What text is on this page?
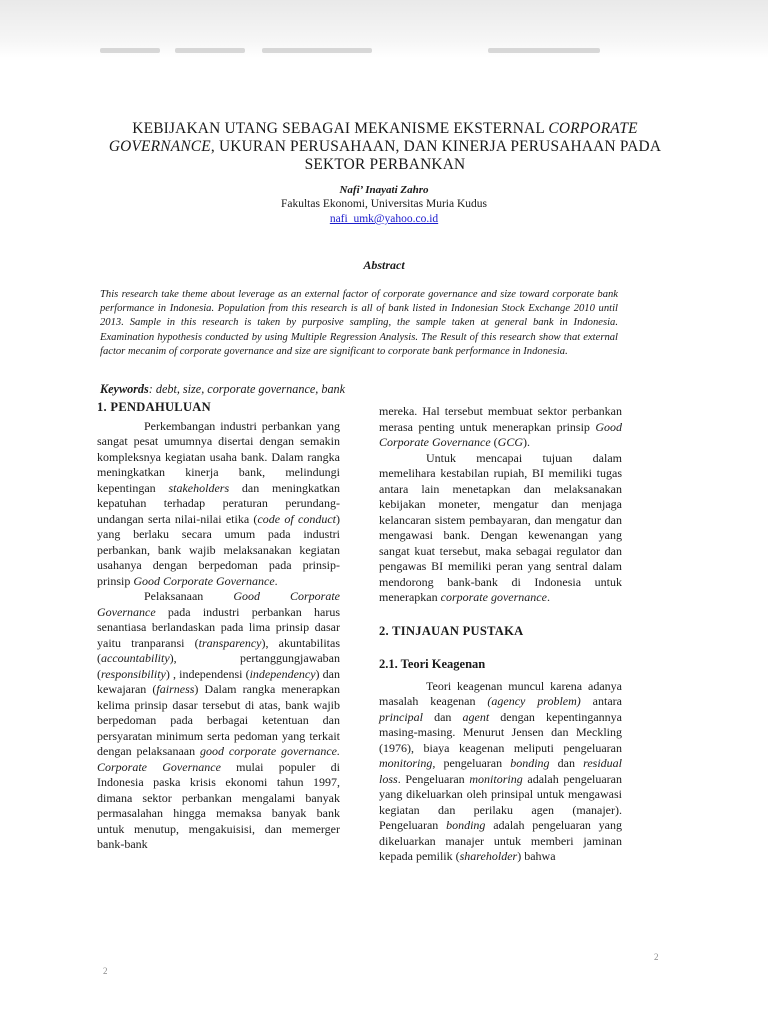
KEBIJAKAN UTANG SEBAGAI MEKANISME EKSTERNAL CORPORATE GOVERNANCE, UKURAN PERUSAHAAN, DAN KINERJA PERUSAHAAN PADA SEKTOR PERBANKAN
Nafi’ Inayati Zahro
Fakultas Ekonomi, Universitas Muria Kudus
nafi_umk@yahoo.co.id
Abstract
This research take theme about leverage as an external factor of corporate governance and size toward corporate bank performance in Indonesia. Population from this research is all of bank listed in Indonesian Stock Exchange 2010 until 2013. Sample in this research is taken by purposive sampling, the sample taken at general bank in Indonesia. Examination hypothesis conducted by using Multiple Regression Analysis. The Result of this research show that external factor mecanim of corporate governance and size are significant to corporate bank performance in Indonesia.
Keywords: debt, size, corporate governance, bank
1. PENDAHULUAN

Perkembangan industri perbankan yang sangat pesat umumnya disertai dengan semakin kompleksnya kegiatan usaha bank. Dalam rangka meningkatkan kinerja bank, melindungi kepentingan stakeholders dan meningkatkan kepatuhan terhadap peraturan perundang-undangan serta nilai-nilai etika (code of conduct) yang berlaku secara umum pada industri perbankan, bank wajib melaksanakan kegiatan usahanya dengan berpedoman pada prinsip-prinsip Good Corporate Governance.

Pelaksanaan Good Corporate Governance pada industri perbankan harus senantiasa berlandaskan pada lima prinsip dasar yaitu tranparansi (transparency), akuntabilitas (accountability), pertanggungjawaban (responsibility) , independensi (independency) dan kewajaran (fairness) Dalam rangka menerapkan kelima prinsip dasar tersebut di atas, bank wajib berpedoman pada berbagai ketentuan dan persyaratan minimum serta pedoman yang terkait dengan pelaksanaan good corporate governance. Corporate Governance mulai populer di Indonesia paska krisis ekonomi tahun 1997, dimana sektor perbankan mengalami banyak permasalahan hingga memaksa banyak bank untuk menutup, mengakuisisi, dan memerger bank-bank

mereka. Hal tersebut membuat sektor perbankan merasa penting untuk menerapkan prinsip Good Corporate Governance (GCG).

Untuk mencapai tujuan dalam memelihara kestabilan rupiah, BI memiliki tugas antara lain menetapkan dan melaksanakan kebijakan moneter, mengatur dan menjaga kelancaran sistem pembayaran, dan mengatur dan mengawasi bank. Dengan kewenangan yang sangat kuat tersebut, maka sebagai regulator dan pengawas BI memiliki peran yang sentral dalam mendorong bank-bank di Indonesia untuk menerapkan corporate governance.

2. TINJAUAN PUSTAKA
2.1. Teori Keagenan

Teori keagenan muncul karena adanya masalah keagenan (agency problem) antara principal dan agent dengan kepentingannya masing-masing. Menurut Jensen dan Meckling (1976), biaya keagenan meliputi pengeluaran monitoring, pengeluaran bonding dan residual loss. Pengeluaran monitoring adalah pengeluaran yang dikeluarkan oleh prinsipal untuk mengawasi kegiatan dan perilaku agen (manajer). Pengeluaran bonding adalah pengeluaran yang dikeluarkan manajer untuk memberi jaminan kepada pemilik (shareholder) bahwa

2
2
